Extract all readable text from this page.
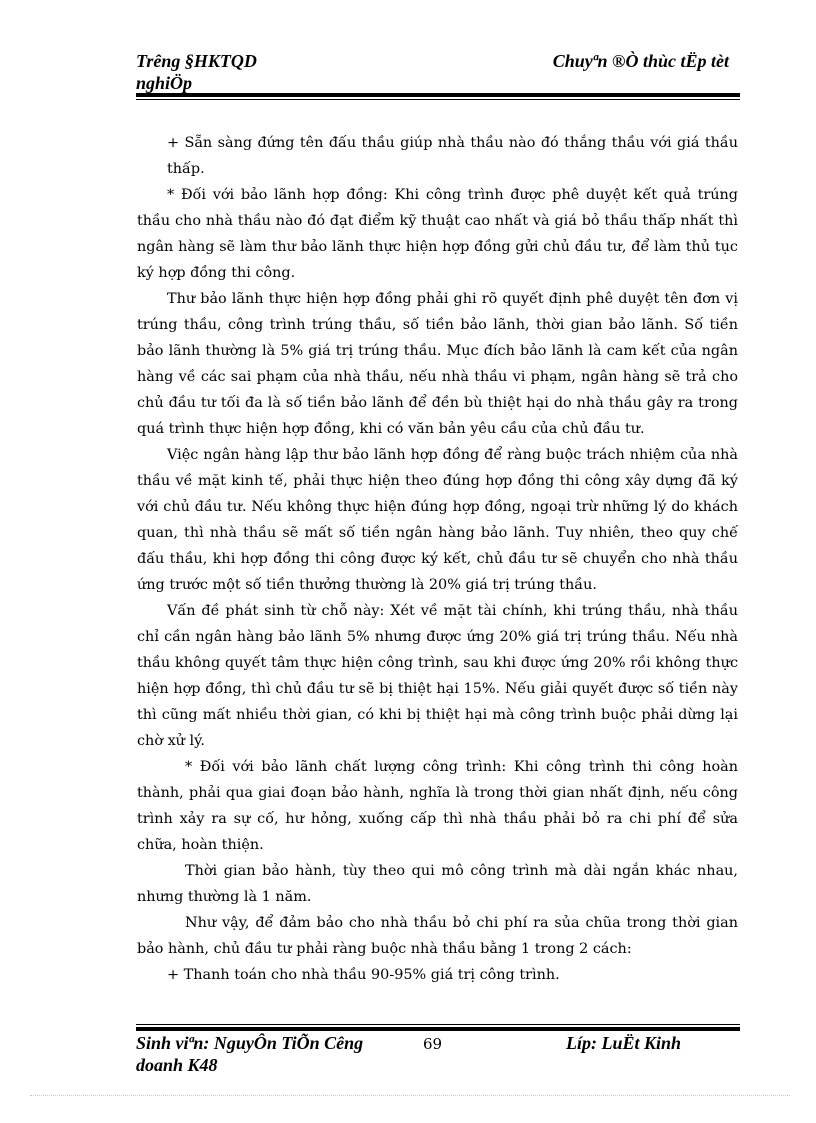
Trêng §HKTQD
nghiÖp
Chuyªn ®Ò thùc tËp tèt

+ Sẵn sàng đứng tên đấu thầu giúp nhà thầu nào đó thắng thầu với giá thầu thấp.

* Đối với bảo lãnh hợp đồng: Khi công trình được phê duyệt kết quả trúng thầu cho nhà thầu nào đó đạt điểm kỹ thuật cao nhất và giá bỏ thầu thấp nhất thì ngân hàng sẽ làm thư bảo lãnh thực hiện hợp đồng gửi chủ đầu tư, để làm thủ tục ký hợp đồng thi công.

Thư bảo lãnh thực hiện hợp đồng phải ghi rõ quyết định phê duyệt tên đơn vị trúng thầu, công trình trúng thầu, số tiền bảo lãnh, thời gian bảo lãnh. Số tiền bảo lãnh thường là 5% giá trị trúng thầu. Mục đích bảo lãnh là cam kết của ngân hàng về các sai phạm của nhà thầu, nếu nhà thầu vi phạm, ngân hàng sẽ trả cho chủ đầu tư tối đa là số tiền bảo lãnh để đền bù thiệt hại do nhà thầu gây ra trong quá trình thực hiện hợp đồng, khi có văn bản yêu cầu của chủ đầu tư.

Việc ngân hàng lập thư bảo lãnh hợp đồng để ràng buộc trách nhiệm của nhà thầu về mặt kinh tế, phải thực hiện theo đúng hợp đồng thi công xây dựng đã ký với chủ đầu tư. Nếu không thực hiện đúng hợp đồng, ngoại trừ những lý do khách quan, thì nhà thầu sẽ mất số tiền ngân hàng bảo lãnh. Tuy nhiên, theo quy chế đấu thầu, khi hợp đồng thi công được ký kết, chủ đầu tư sẽ chuyển cho nhà thầu ứng trước một số tiền thưởng thường là 20% giá trị trúng thầu.

Vấn đề phát sinh từ chỗ này: Xét về mặt tài chính, khi trúng thầu, nhà thầu chỉ cần ngân hàng bảo lãnh 5% nhưng được ứng 20% giá trị trúng thầu. Nếu nhà thầu không quyết tâm thực hiện công trình, sau khi được ứng 20% rồi không thực hiện hợp đồng, thì chủ đầu tư sẽ bị thiệt hại 15%. Nếu giải quyết được số tiền này thì cũng mất nhiều thời gian, có khi bị thiệt hại mà công trình buộc phải dừng lại chờ xử lý.

* Đối với bảo lãnh chất lượng công trình: Khi công trình thi công hoàn thành, phải qua giai đoạn bảo hành, nghĩa là trong thời gian nhất định, nếu công trình xảy ra sự cố, hư hỏng, xuống cấp thì nhà thầu phải bỏ ra chi phí để sửa chữa, hoàn thiện.

Thời gian bảo hành, tùy theo qui mô công trình mà dài ngắn khác nhau, nhưng thường là 1 năm.

Như vậy, để đảm bảo cho nhà thầu bỏ chi phí ra sủa chũa trong thời gian bảo hành, chủ đầu tư phải ràng buộc nhà thầu bằng 1 trong 2 cách:

+ Thanh toán cho nhà thầu 90-95% giá trị công trình.

Sinh viªn: NguyÔn TiÕn Cêng
doanh K48
69	Líp: LuËt Kinh
